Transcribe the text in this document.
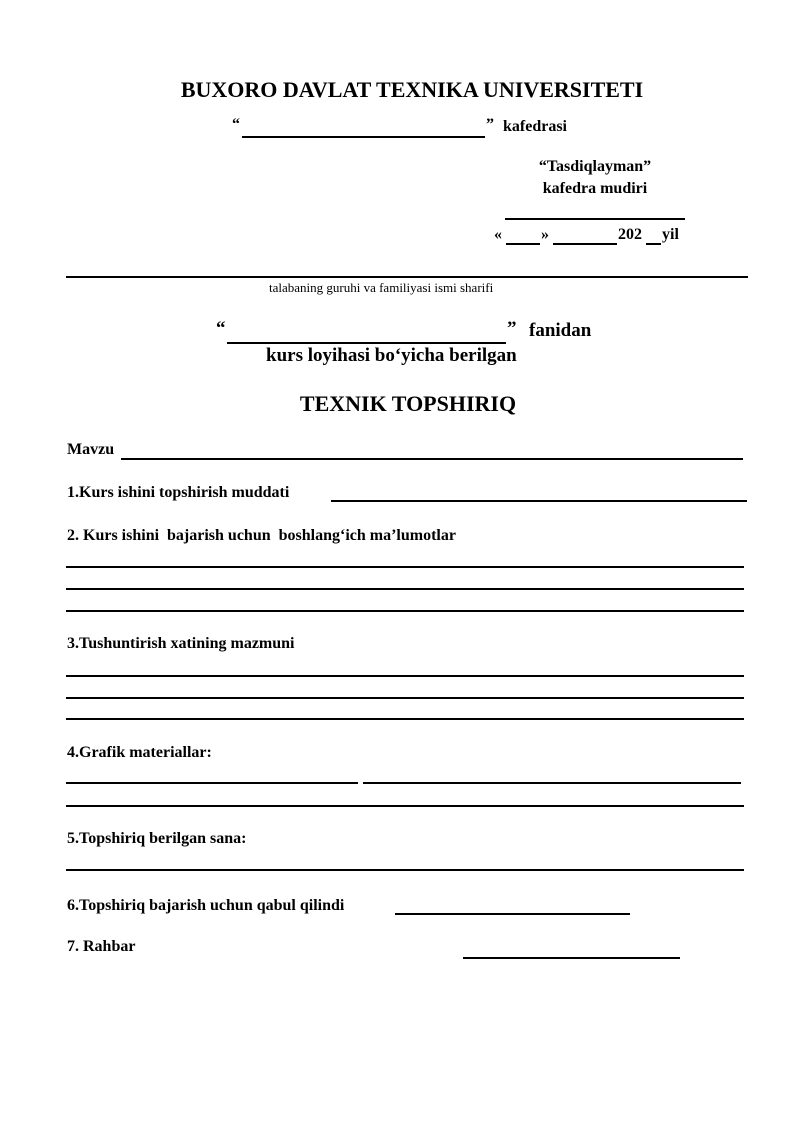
BUXORO DAVLAT TEXNIKA UNIVERSITETI
“	” kafedrasi
“Tasdiqlayman”
kafedra mudiri
« »	202 yil
talabaning guruhi va familiyasi ismi sharifi
“	” fanidan
kurs loyihasi bo‘yicha berilgan
TEXNIK TOPSHIRIQ
Mavzu
1.Kurs ishini topshirish muddati
2. Kurs ishini  bajarish uchun  boshlang‘ich ma’lumotlar
3.Tushuntirish xatining mazmuni
4.Grafik materiallar:
5.Topshiriq berilgan sana:
6.Topshiriq bajarish uchun qabul qilindi
7. Rahbar
